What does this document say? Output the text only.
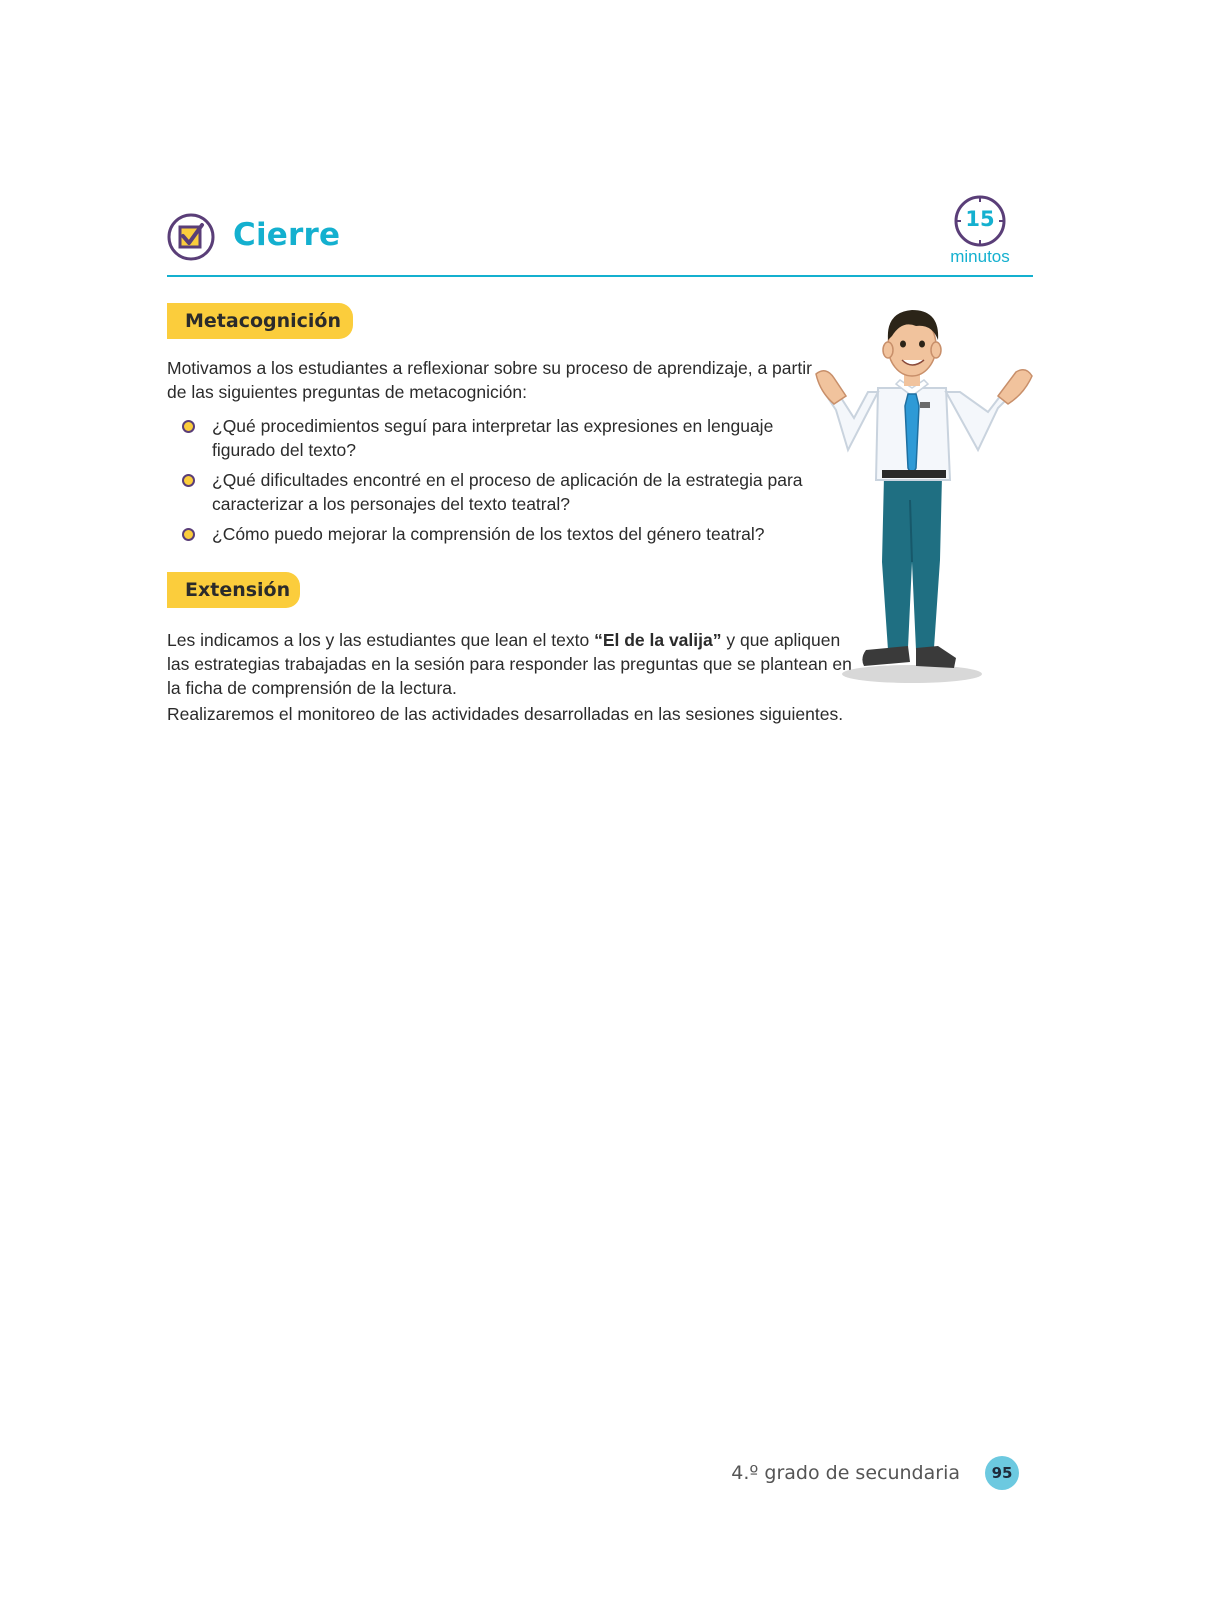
Cierre	15
minutos
Metacognición
Motivamos a los estudiantes a reflexionar sobre su proceso de aprendizaje, a partir de las siguientes preguntas de metacognición:
¿Qué procedimientos seguí para interpretar las expresiones en lenguaje figurado del texto?
¿Qué dificultades encontré en el proceso de aplicación de la estrategia para caracterizar a los personajes del texto teatral?
¿Cómo puedo mejorar la comprensión de los textos del género teatral?
Extensión
Les indicamos a los y las estudiantes que lean el texto “El de la valija” y que apliquen las estrategias trabajadas en la sesión para responder las preguntas que se plantean en la ficha de comprensión de la lectura.
Realizaremos el monitoreo de las actividades desarrolladas en las sesiones siguientes.
4.º grado de secundaria	95
